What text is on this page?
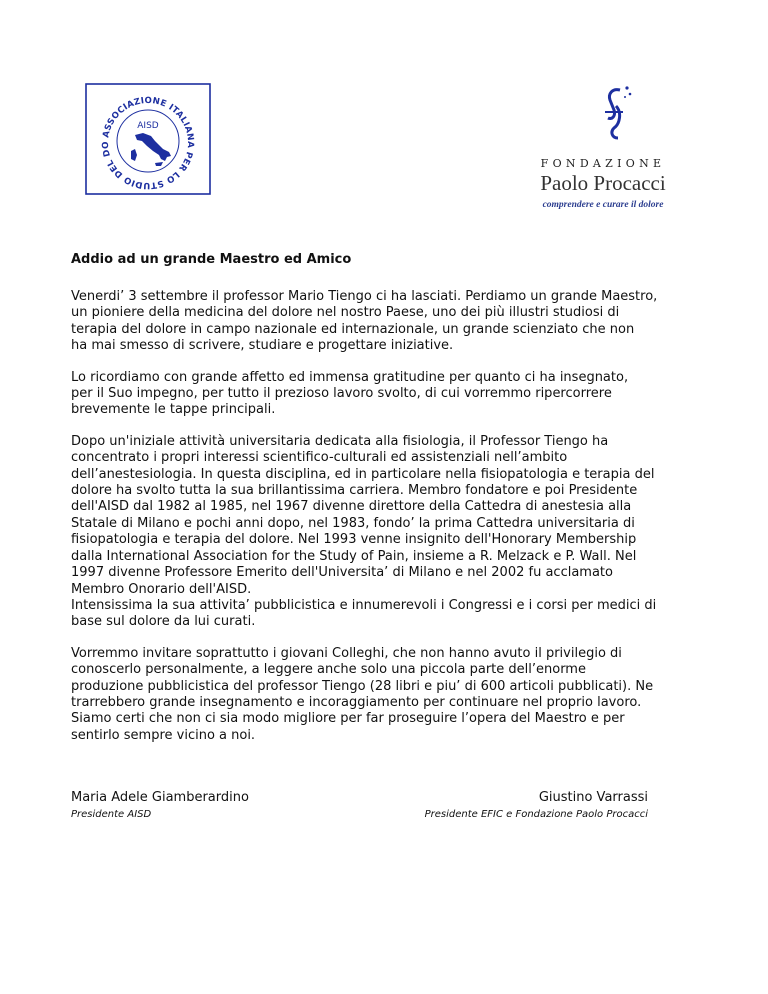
ASSOCIAZIONE ITALIANA PER LO STUDIO DEL DO
AISD
FONDAZIONE
Paolo Procacci
comprendere e curare il dolore
Addio ad un grande Maestro ed Amico

Venerdi’ 3 settembre il professor Mario Tiengo ci ha lasciati. Perdiamo un grande Maestro,
un pioniere della medicina del dolore nel nostro Paese, uno dei più illustri studiosi di
terapia del dolore in campo nazionale ed internazionale, un grande scienziato che non
ha mai smesso di scrivere, studiare e progettare iniziative.

Lo ricordiamo con grande affetto ed immensa gratitudine per quanto ci ha insegnato,
per il Suo impegno, per tutto il prezioso lavoro svolto, di cui vorremmo ripercorrere
brevemente le tappe principali.

Dopo un'iniziale attività universitaria dedicata alla fisiologia, il Professor Tiengo ha
concentrato i propri interessi scientifico-culturali ed assistenziali nell’ambito
dell’anestesiologia. In questa disciplina, ed in particolare nella fisiopatologia e terapia del
dolore ha svolto tutta la sua brillantissima carriera. Membro fondatore e poi Presidente
dell'AISD dal 1982 al 1985, nel 1967 divenne direttore della Cattedra di anestesia alla
Statale di Milano e pochi anni dopo, nel 1983, fondo’ la prima Cattedra universitaria di
fisiopatologia e terapia del dolore. Nel 1993 venne insignito dell'Honorary Membership
dalla International Association for the Study of Pain, insieme a R. Melzack e P. Wall. Nel
1997 divenne Professore Emerito dell'Universita’ di Milano e nel 2002 fu acclamato
Membro Onorario dell'AISD.
Intensissima la sua attivita’ pubblicistica e innumerevoli i Congressi e i corsi per medici di
base sul dolore da lui curati.

Vorremmo invitare soprattutto i giovani Colleghi, che non hanno avuto il privilegio di
conoscerlo personalmente, a leggere anche solo una piccola parte dell’enorme
produzione pubblicistica del professor Tiengo (28 libri e piu’ di 600 articoli pubblicati). Ne
trarrebbero grande insegnamento e incoraggiamento per continuare nel proprio lavoro.
Siamo certi che non ci sia modo migliore per far proseguire l’opera del Maestro e per
sentirlo sempre vicino a noi.

Maria Adele Giamberardino
Presidente AISD
Giustino Varrassi
Presidente EFIC e Fondazione Paolo Procacci
